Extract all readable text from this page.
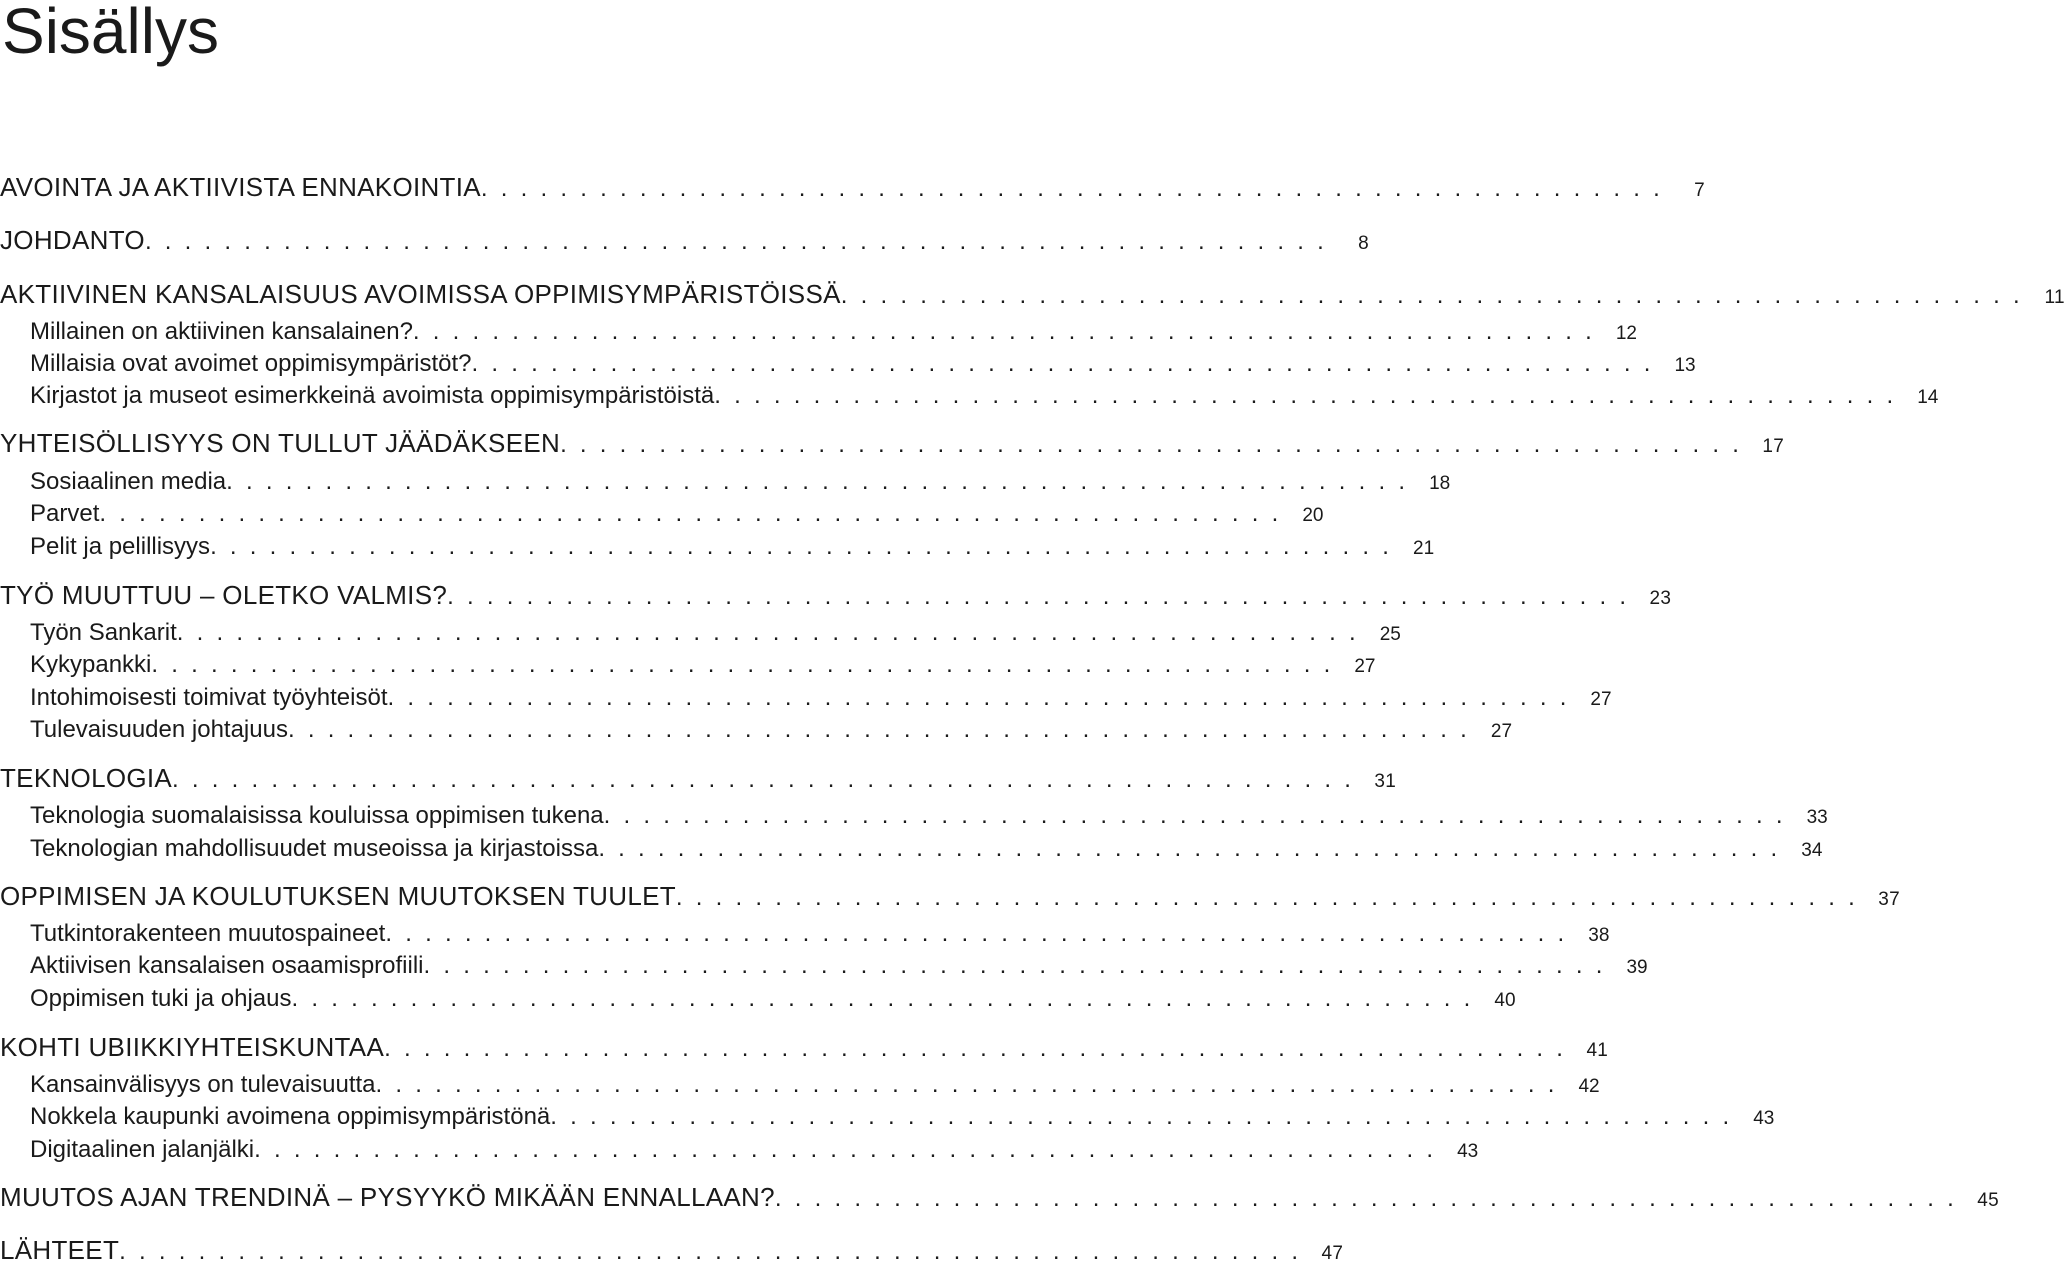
Sisällys
AVOINTA JA AKTIIVISTA ENNAKOINTIA ............................................................	7
JOHDANTO ............................................................	8
AKTIIVINEN KANSALAISUUS AVOIMISSA OPPIMISYMPÄRISTÖISSÄ ............................................................ 11
Millainen on aktiivinen kansalainen? ............................................................ 12
Millaisia ovat avoimet oppimisympäristöt? ............................................................ 13
Kirjastot ja museot esimerkkeinä avoimista oppimisympäristöistä ............................................................ 14
YHTEISÖLLISYYS ON TULLUT JÄÄDÄKSEEN ............................................................ 17
Sosiaalinen media ............................................................ 18
Parvet ............................................................ 20
Pelit ja pelillisyys ............................................................ 21
TYÖ MUUTTUU – OLETKO VALMIS? ............................................................ 23
Työn Sankarit ............................................................ 25
Kykypankki ............................................................ 27
Intohimoisesti toimivat työyhteisöt ............................................................ 27
Tulevaisuuden johtajuus ............................................................ 27
TEKNOLOGIA ............................................................ 31
Teknologia suomalaisissa kouluissa oppimisen tukena ............................................................ 33
Teknologian mahdollisuudet museoissa ja kirjastoissa ............................................................ 34
OPPIMISEN JA KOULUTUKSEN MUUTOKSEN TUULET ............................................................ 37
Tutkintorakenteen muutospaineet ............................................................ 38
Aktiivisen kansalaisen osaamisprofiili ............................................................ 39
Oppimisen tuki ja ohjaus ............................................................ 40
KOHTI UBIIKKIYHTEISKUNTAA ............................................................ 41
Kansainvälisyys on tulevaisuutta ............................................................ 42
Nokkela kaupunki avoimena oppimisympäristönä ............................................................ 43
Digitaalinen jalanjälki ............................................................ 43
MUUTOS AJAN TRENDINÄ – PYSYYKÖ MIKÄÄN ENNALLAAN? ............................................................ 45
LÄHTEET ............................................................ 47
